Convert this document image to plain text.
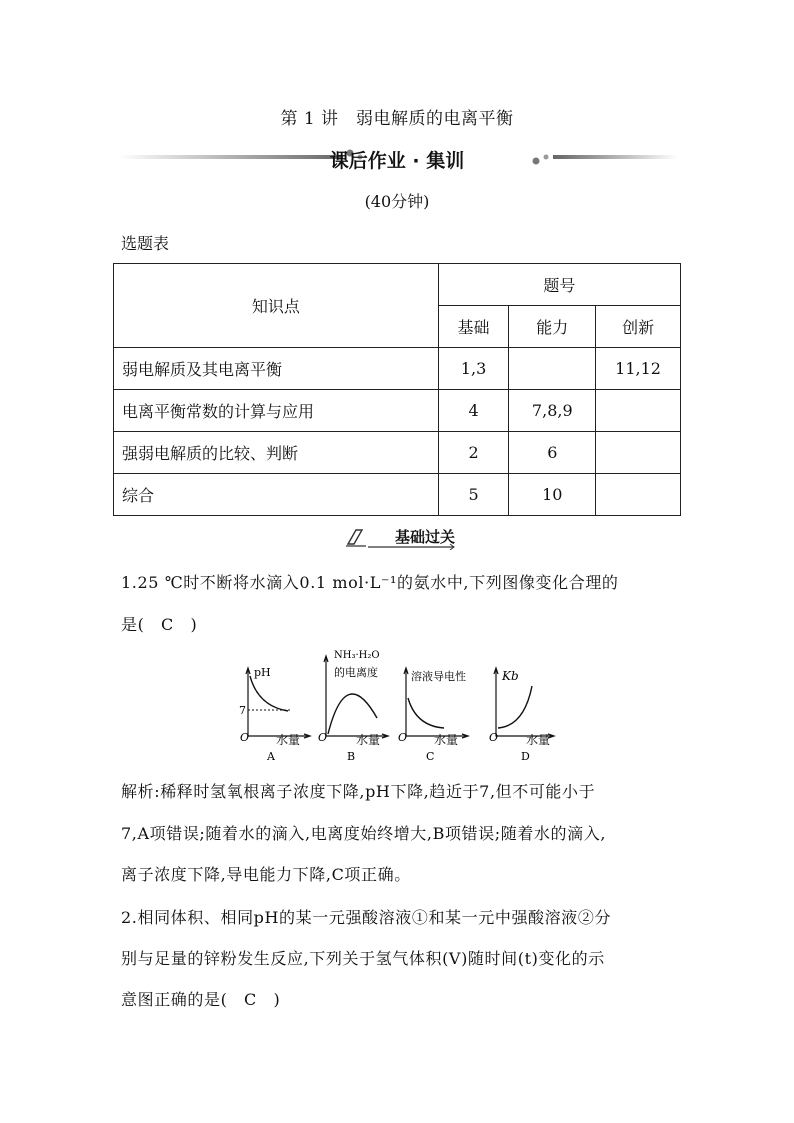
第 1 讲　弱电解质的电离平衡
课后作业 · 集训
(40分钟)
选题表
知识点	题号		
	基础	能力	创新
弱电解质及其电离平衡	1,3		11,12
电离平衡常数的计算与应用	4	7,8,9	
强弱电解质的比较、判断	2	6	
综合	5	10	
基础过关
1.25 ℃时不断将水滴入0.1 mol·L⁻¹的氨水中,下列图像变化合理的
是(　C　)
pH
7
O 水量
A
NH₃·H₂O
的电离度
O 水量
B
溶液导电性
O 水量
C
Kb
O 水量
D
解析:稀释时氢氧根离子浓度下降,pH下降,趋近于7,但不可能小于
7,A项错误;随着水的滴入,电离度始终增大,B项错误;随着水的滴入,
离子浓度下降,导电能力下降,C项正确。
2.相同体积、相同pH的某一元强酸溶液①和某一元中强酸溶液②分
别与足量的锌粉发生反应,下列关于氢气体积(V)随时间(t)变化的示
意图正确的是(　C　)
